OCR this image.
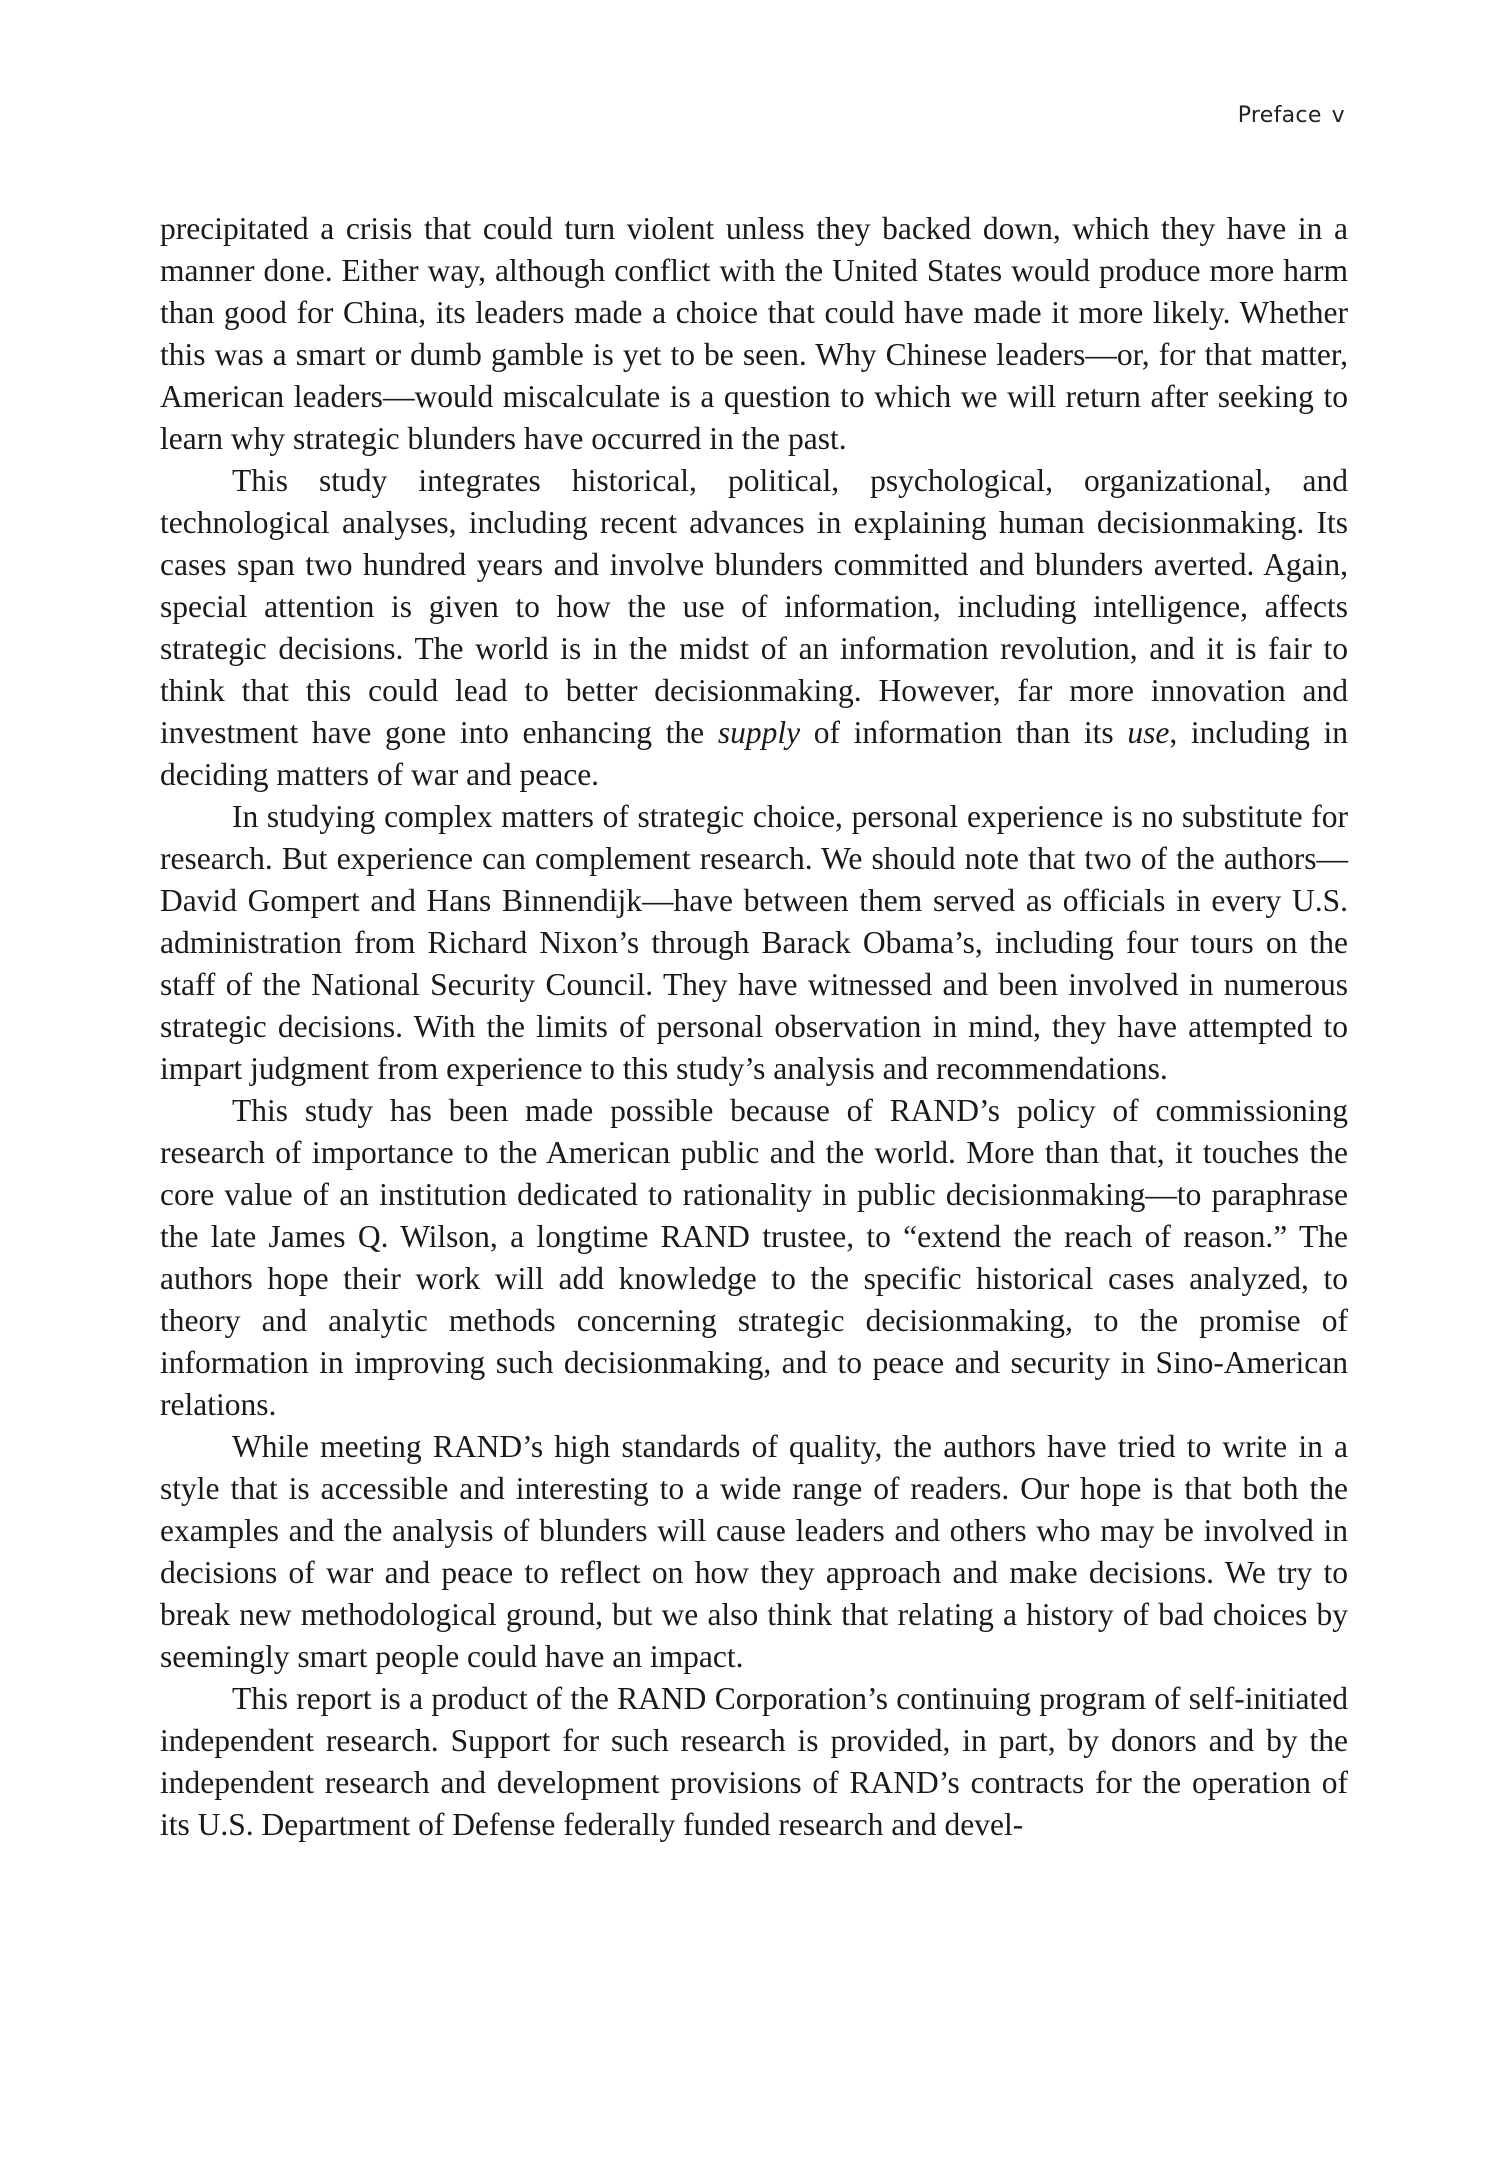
Preface v

precipitated a crisis that could turn violent unless they backed down, which they have in a manner done. Either way, although conflict with the United States would produce more harm than good for China, its leaders made a choice that could have made it more likely. Whether this was a smart or dumb gamble is yet to be seen. Why Chinese leaders—or, for that matter, American leaders—would miscalculate is a question to which we will return after seeking to learn why strategic blunders have occurred in the past.

This study integrates historical, political, psychological, organizational, and technological analyses, including recent advances in explaining human decisionmaking. Its cases span two hundred years and involve blunders committed and blunders averted. Again, special attention is given to how the use of information, including intelligence, affects strategic decisions. The world is in the midst of an information revolution, and it is fair to think that this could lead to better decisionmaking. However, far more innovation and investment have gone into enhancing the supply of information than its use, including in deciding matters of war and peace.

In studying complex matters of strategic choice, personal experience is no substitute for research. But experience can complement research. We should note that two of the authors—David Gompert and Hans Binnendijk—have between them served as officials in every U.S. administration from Richard Nixon’s through Barack Obama’s, including four tours on the staff of the National Security Council. They have witnessed and been involved in numerous strategic decisions. With the limits of personal observation in mind, they have attempted to impart judgment from experience to this study’s analysis and recommendations.

This study has been made possible because of RAND’s policy of commissioning research of importance to the American public and the world. More than that, it touches the core value of an institution dedicated to rationality in public decisionmaking—to paraphrase the late James Q. Wilson, a longtime RAND trustee, to “extend the reach of reason.” The authors hope their work will add knowledge to the specific historical cases analyzed, to theory and analytic methods concerning strategic decisionmaking, to the promise of information in improving such decisionmaking, and to peace and security in Sino-American relations.

While meeting RAND’s high standards of quality, the authors have tried to write in a style that is accessible and interesting to a wide range of readers. Our hope is that both the examples and the analysis of blunders will cause leaders and others who may be involved in decisions of war and peace to reflect on how they approach and make decisions. We try to break new methodological ground, but we also think that relating a history of bad choices by seemingly smart people could have an impact.

This report is a product of the RAND Corporation’s continuing program of self-initiated independent research. Support for such research is provided, in part, by donors and by the independent research and development provisions of RAND’s contracts for the operation of its U.S. Department of Defense federally funded research and devel-
